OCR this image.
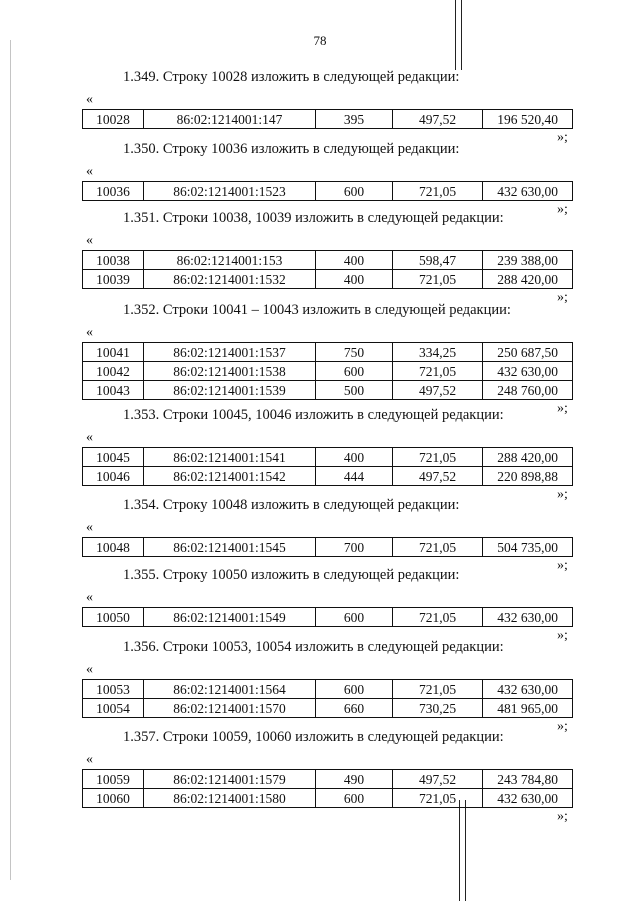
78
1.349. Строку 10028 изложить в следующей редакции:
«
10028	86:02:1214001:147	395	497,52	196 520,40
»;
1.350. Строку 10036 изложить в следующей редакции:
«
10036	86:02:1214001:1523	600	721,05	432 630,00
»;
1.351. Строки 10038, 10039 изложить в следующей редакции:
«
10038	86:02:1214001:153	400	598,47	239 388,00
10039	86:02:1214001:1532	400	721,05	288 420,00
»;
1.352. Строки 10041 – 10043 изложить в следующей редакции:
«
10041	86:02:1214001:1537	750	334,25	250 687,50
10042	86:02:1214001:1538	600	721,05	432 630,00
10043	86:02:1214001:1539	500	497,52	248 760,00
»;
1.353. Строки 10045, 10046 изложить в следующей редакции:
«
10045	86:02:1214001:1541	400	721,05	288 420,00
10046	86:02:1214001:1542	444	497,52	220 898,88
»;
1.354. Строку 10048 изложить в следующей редакции:
«
10048	86:02:1214001:1545	700	721,05	504 735,00
»;
1.355. Строку 10050 изложить в следующей редакции:
«
10050	86:02:1214001:1549	600	721,05	432 630,00
»;
1.356. Строки 10053, 10054 изложить в следующей редакции:
«
10053	86:02:1214001:1564	600	721,05	432 630,00
10054	86:02:1214001:1570	660	730,25	481 965,00
»;
1.357. Строки 10059, 10060 изложить в следующей редакции:
«
10059	86:02:1214001:1579	490	497,52	243 784,80
10060	86:02:1214001:1580	600	721,05	432 630,00
»;
